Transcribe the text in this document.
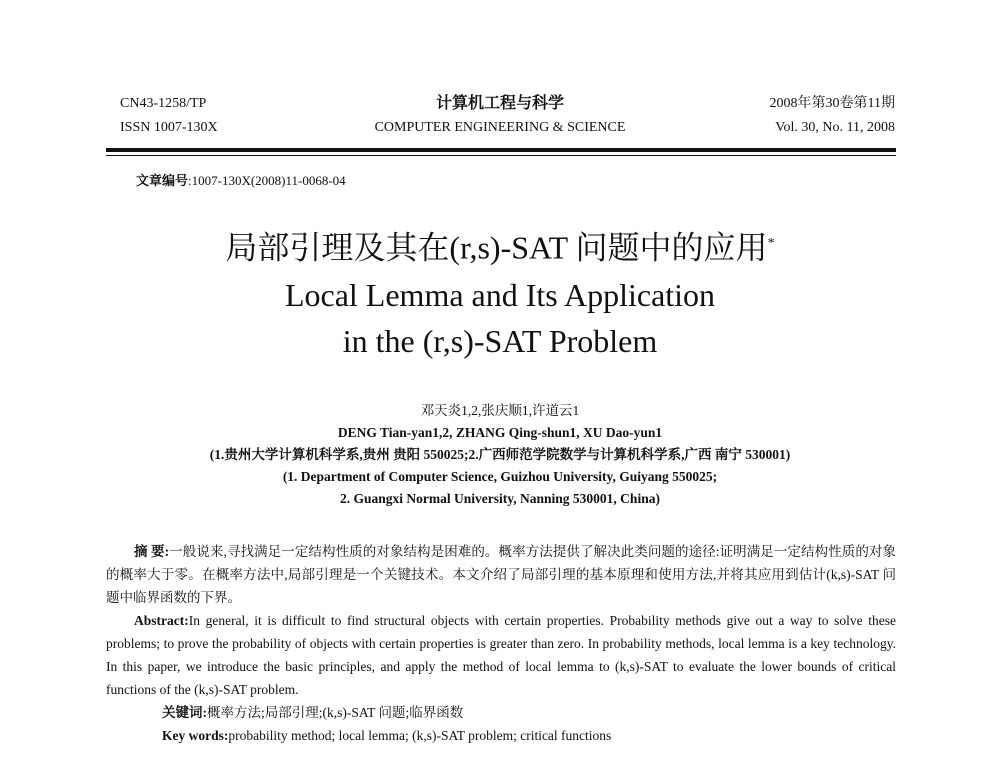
CN43-1258/TP
ISSN 1007-130X
计算机工程与科学
COMPUTER ENGINEERING & SCIENCE
2008年第30卷第11期
Vol. 30, No. 11, 2008
文章编号:1007-130X(2008)11-0068-04
局部引理及其在(r,s)-SAT 问题中的应用*
Local Lemma and Its Application
in the (r,s)-SAT Problem
邓天炎1,2,张庆顺1,许道云1
DENG Tian-yan1,2, ZHANG Qing-shun1, XU Dao-yun1
(1.贵州大学计算机科学系,贵州 贵阳 550025;2.广西师范学院数学与计算机科学系,广西 南宁 530001)
(1. Department of Computer Science, Guizhou University, Guiyang 550025;
2. Guangxi Normal University, Nanning 530001, China)

摘 要:一般说来,寻找满足一定结构性质的对象结构是困难的。概率方法提供了解决此类问题的途径:证明满足一定结构性质的对象的概率大于零。在概率方法中,局部引理是一个关键技术。本文介绍了局部引理的基本原理和使用方法,并将其应用到估计(k,s)-SAT 问题中临界函数的下界。

Abstract:In general, it is difficult to find structural objects with certain properties. Probability methods give out a way to solve these problems; to prove the probability of objects with certain properties is greater than zero. In probability methods, local lemma is a key technology. In this paper, we introduce the basic principles, and apply the method of local lemma to (k,s)-SAT to evaluate the lower bounds of critical functions of the (k,s)-SAT problem.

关键词:概率方法;局部引理;(k,s)-SAT 问题;临界函数

Key words:probability method; local lemma; (k,s)-SAT problem; critical functions
